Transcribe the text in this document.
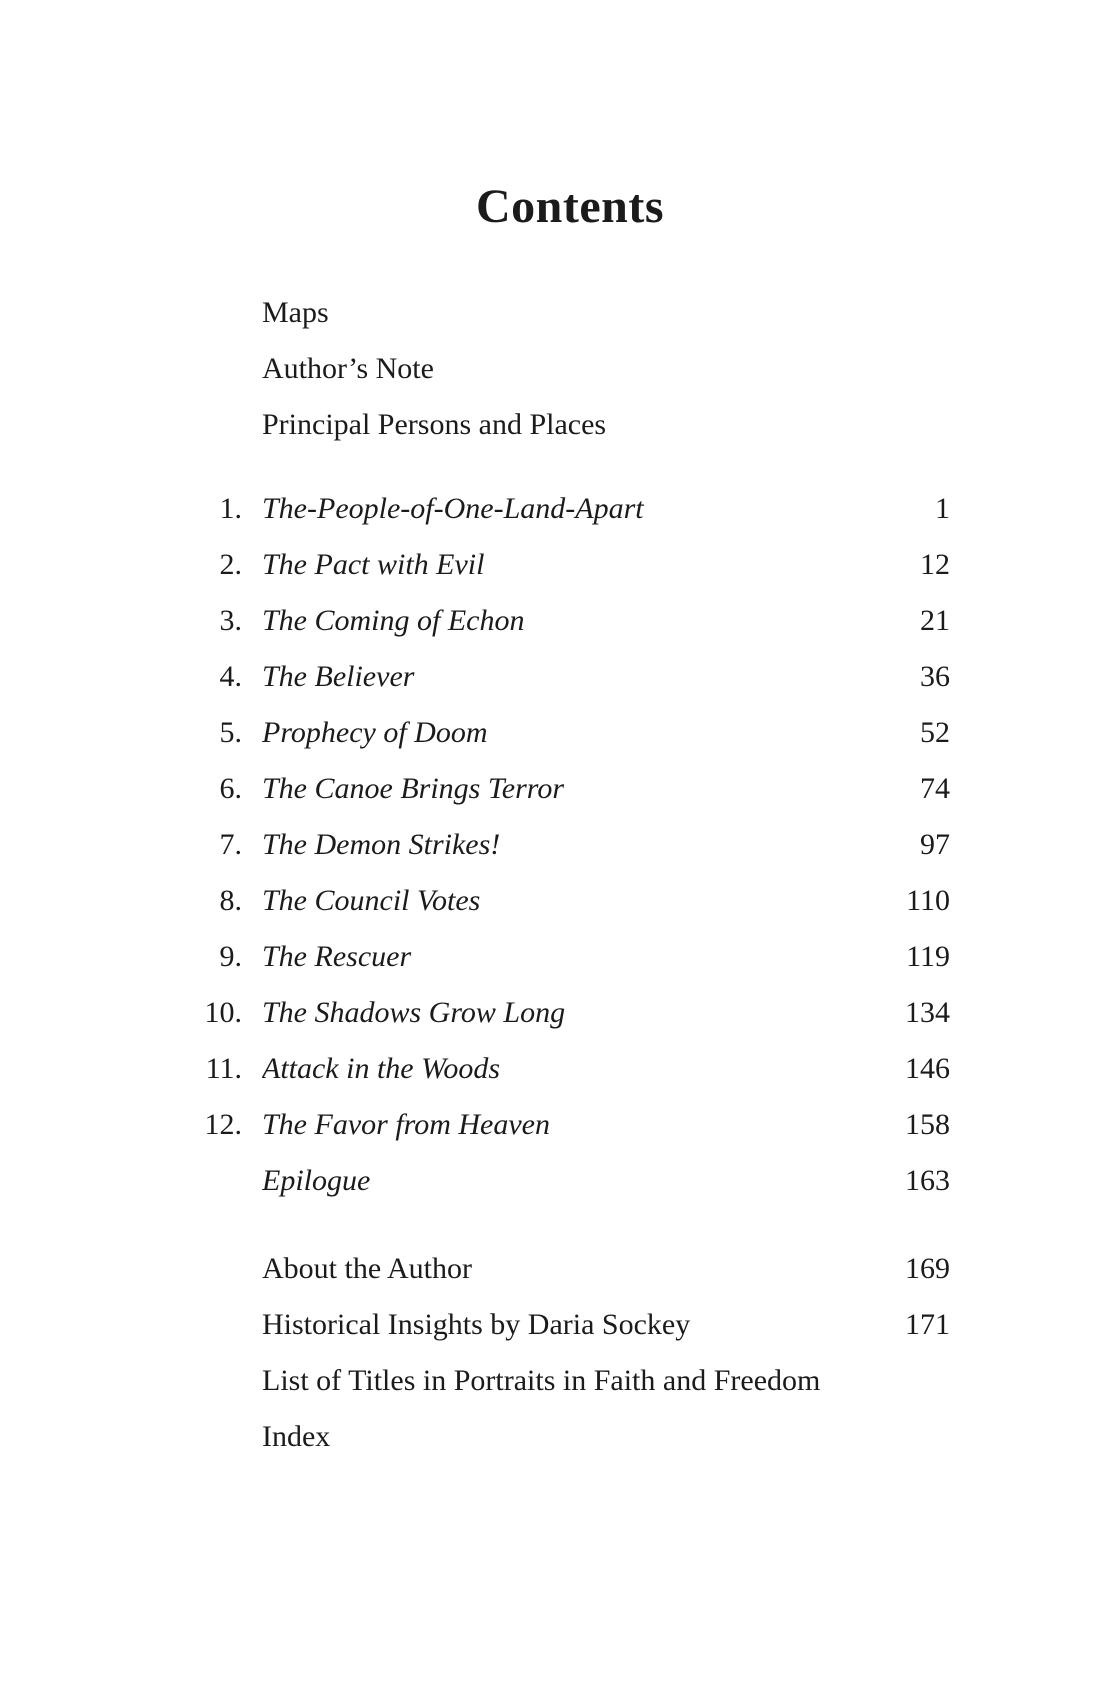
Contents
Maps
Author’s Note
Principal Persons and Places
1. The-People-of-One-Land-Apart	1
2. The Pact with Evil	12
3. The Coming of Echon	21
4. The Believer	36
5. Prophecy of Doom	52
6. The Canoe Brings Terror	74
7. The Demon Strikes!	97
8. The Council Votes	110
9. The Rescuer	119
10. The Shadows Grow Long	134
11. Attack in the Woods	146
12. The Favor from Heaven	158
Epilogue	163
About the Author	169
Historical Insights by Daria Sockey	171
List of Titles in Portraits in Faith and Freedom
Index
